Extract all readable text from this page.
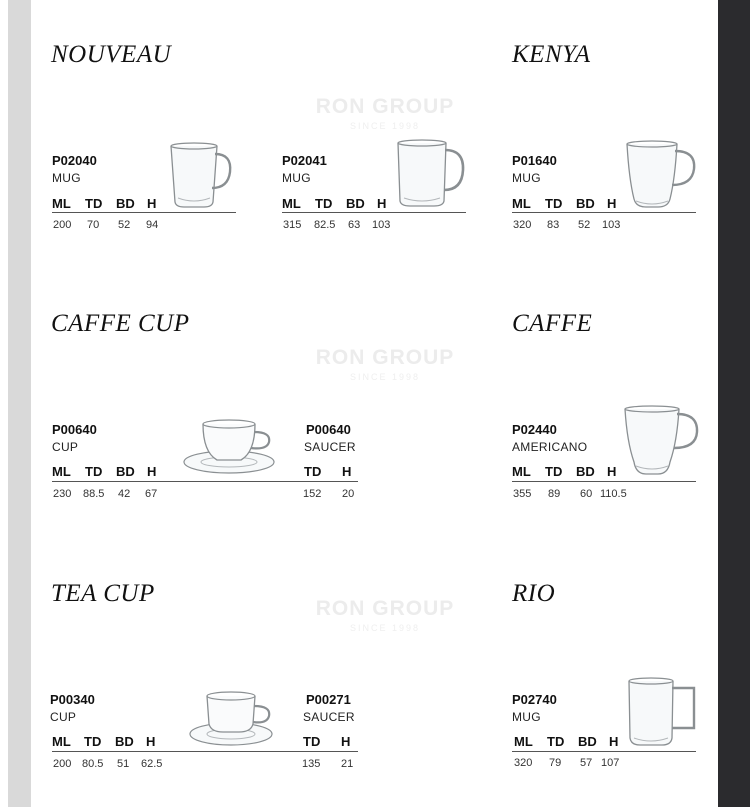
RON GROUP
SINCE 1998
RON GROUP
SINCE 1998
RON GROUP
SINCE 1998
NOUVEAU	KENYA
CAFFE CUP	CAFFE
TEA CUP	RIO
P02040
MUG
ML TD BD H
200 70 52 94
P02041
MUG
ML TD BD H
315 82.5 63 103
P01640
MUG
ML TD BD H
320 83 52 103
P00640
CUP
ML TD BD H
230 88.5 42 67
P00640
SAUCER
TD H
152 20
P02440
AMERICANO
ML TD BD H
355 89 60 110.5
P00340
CUP
ML TD BD H
200 80.5 51 62.5
P00271
SAUCER
TD H
135 21
P02740
MUG
ML TD BD H
320 79 57 107
